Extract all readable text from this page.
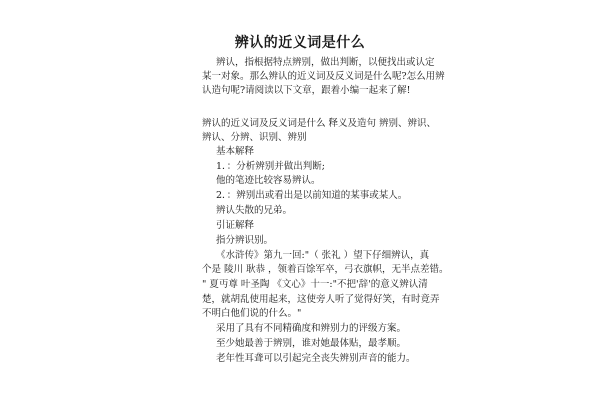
辨认的近义词是什么
辨认，指根据特点辨别，做出判断，以便找出或认定
某一对象。那么辨认的近义词及反义词是什么呢?怎么用辨
认造句呢?请阅读以下文章，跟着小编一起来了解!
辨认的近义词及反义词是什么 释义及造句 辨别、辨识、
辨认、分辨、识别、辨别
基本解释
1．：分析辨别并做出判断;
他的笔迹比较容易辨认。
2．：辨别出或看出是以前知道的某事或某人。
辨认失散的兄弟。
引证解释
指分辨识别。
《水浒传》第九一回:"（ 张礼 ）望下仔细辨认，真
个是 陵川 耿恭 ，领着百馀军卒，弓衣旗帜，无半点差错。
" 夏丏尊 叶圣陶 《文心》十一:"不把'辞'的意义辨认清
楚，就胡乱使用起来，这使旁人听了觉得好笑，有时竟弄
不明白他们说的什么。"
采用了具有不同精确度和辨别力的评级方案。
至少她最善于辨别，谁对她最体贴，最孝顺。
老年性耳聋可以引起完全丧失辨别声音的能力。
